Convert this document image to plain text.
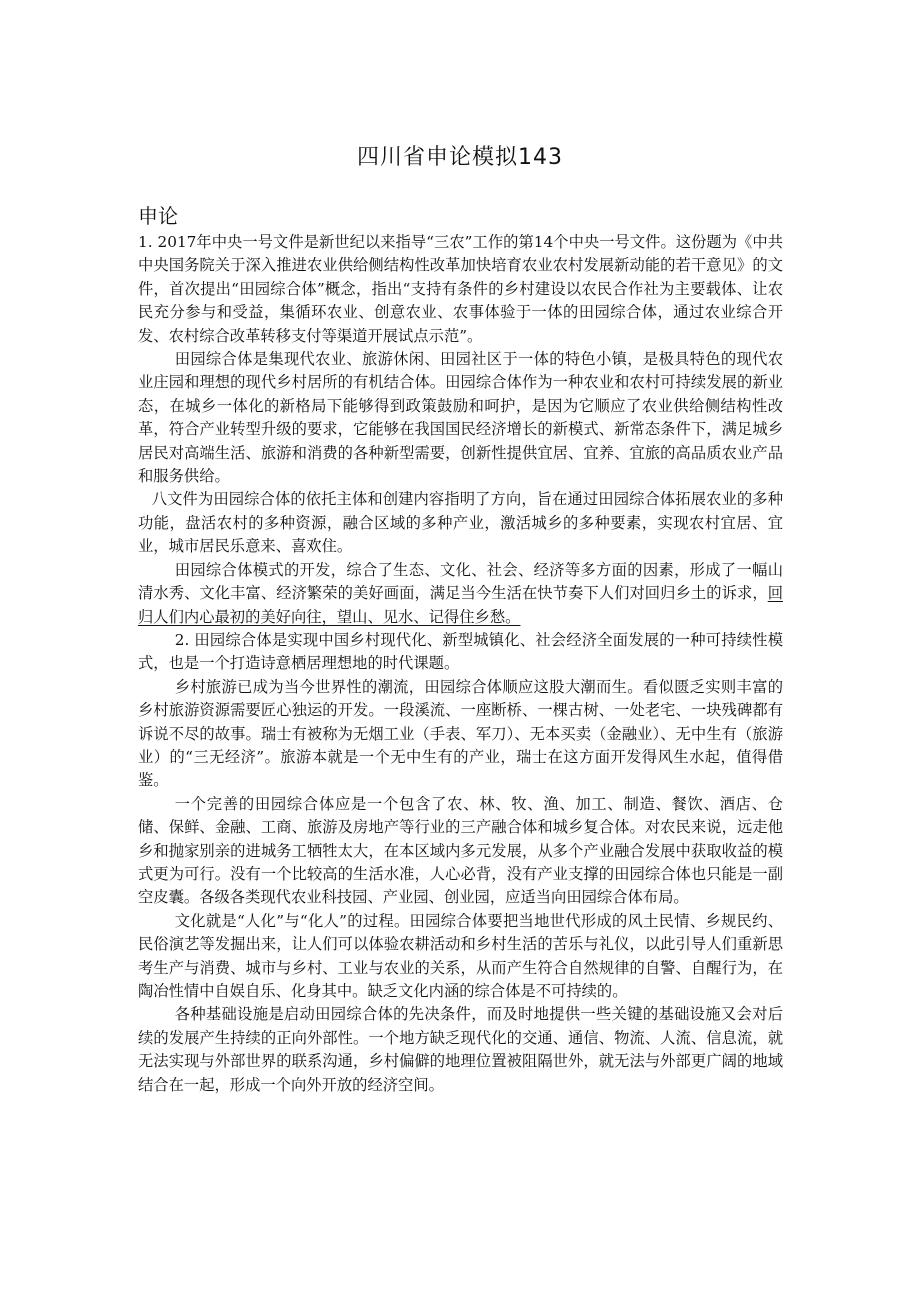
四川省申论模拟143
申论

1. 2017年中央一号文件是新世纪以来指导“三农”工作的第14个中央一号文件。这份题为《中共中央国务院关于深入推进农业供给侧结构性改革加快培育农业农村发展新动能的若干意见》的文件，首次提出“田园综合体”概念，指出“支持有条件的乡村建设以农民合作社为主要载体、让农民充分参与和受益，集循环农业、创意农业、农事体验于一体的田园综合体，通过农业综合开发、农村综合改革转移支付等渠道开展试点示范”。

田园综合体是集现代农业、旅游休闲、田园社区于一体的特色小镇，是极具特色的现代农业庄园和理想的现代乡村居所的有机结合体。田园综合体作为一种农业和农村可持续发展的新业态，在城乡一体化的新格局下能够得到政策鼓励和呵护，是因为它顺应了农业供给侧结构性改革，符合产业转型升级的要求，它能够在我国国民经济增长的新模式、新常态条件下，满足城乡居民对高端生活、旅游和消费的各种新型需要，创新性提供宜居、宜养、宜旅的高品质农业产品和服务供给。

八文件为田园综合体的依托主体和创建内容指明了方向，旨在通过田园综合体拓展农业的多种功能，盘活农村的多种资源，融合区域的多种产业，激活城乡的多种要素，实现农村宜居、宜业，城市居民乐意来、喜欢住。

田园综合体模式的开发，综合了生态、文化、社会、经济等多方面的因素，形成了一幅山清水秀、文化丰富、经济繁荣的美好画面，满足当今生活在快节奏下人们对回归乡土的诉求，回归人们内心最初的美好向往，望山、见水、记得住乡愁。

2. 田园综合体是实现中国乡村现代化、新型城镇化、社会经济全面发展的一种可持续性模式，也是一个打造诗意栖居理想地的时代课题。

乡村旅游已成为当今世界性的潮流，田园综合体顺应这股大潮而生。看似匮乏实则丰富的乡村旅游资源需要匠心独运的开发。一段溪流、一座断桥、一棵古树、一处老宅、一块残碑都有诉说不尽的故事。瑞士有被称为无烟工业（手表、军刀）、无本买卖（金融业）、无中生有（旅游业）的“三无经济”。旅游本就是一个无中生有的产业，瑞士在这方面开发得风生水起，值得借鉴。

一个完善的田园综合体应是一个包含了农、林、牧、渔、加工、制造、餐饮、酒店、仓储、保鲜、金融、工商、旅游及房地产等行业的三产融合体和城乡复合体。对农民来说，远走他乡和抛家别亲的进城务工牺牲太大，在本区域内多元发展，从多个产业融合发展中获取收益的模式更为可行。没有一个比较高的生活水准，人心必背，没有产业支撑的田园综合体也只能是一副空皮囊。各级各类现代农业科技园、产业园、创业园，应适当向田园综合体布局。

文化就是“人化”与“化人”的过程。田园综合体要把当地世代形成的风土民情、乡规民约、民俗演艺等发掘出来，让人们可以体验农耕活动和乡村生活的苦乐与礼仪，以此引导人们重新思考生产与消费、城市与乡村、工业与农业的关系，从而产生符合自然规律的自警、自醒行为，在陶冶性情中自娱自乐、化身其中。缺乏文化内涵的综合体是不可持续的。

各种基础设施是启动田园综合体的先决条件，而及时地提供一些关键的基础设施又会对后续的发展产生持续的正向外部性。一个地方缺乏现代化的交通、通信、物流、人流、信息流，就无法实现与外部世界的联系沟通，乡村偏僻的地理位置被阻隔世外，就无法与外部更广阔的地域结合在一起，形成一个向外开放的经济空间。
